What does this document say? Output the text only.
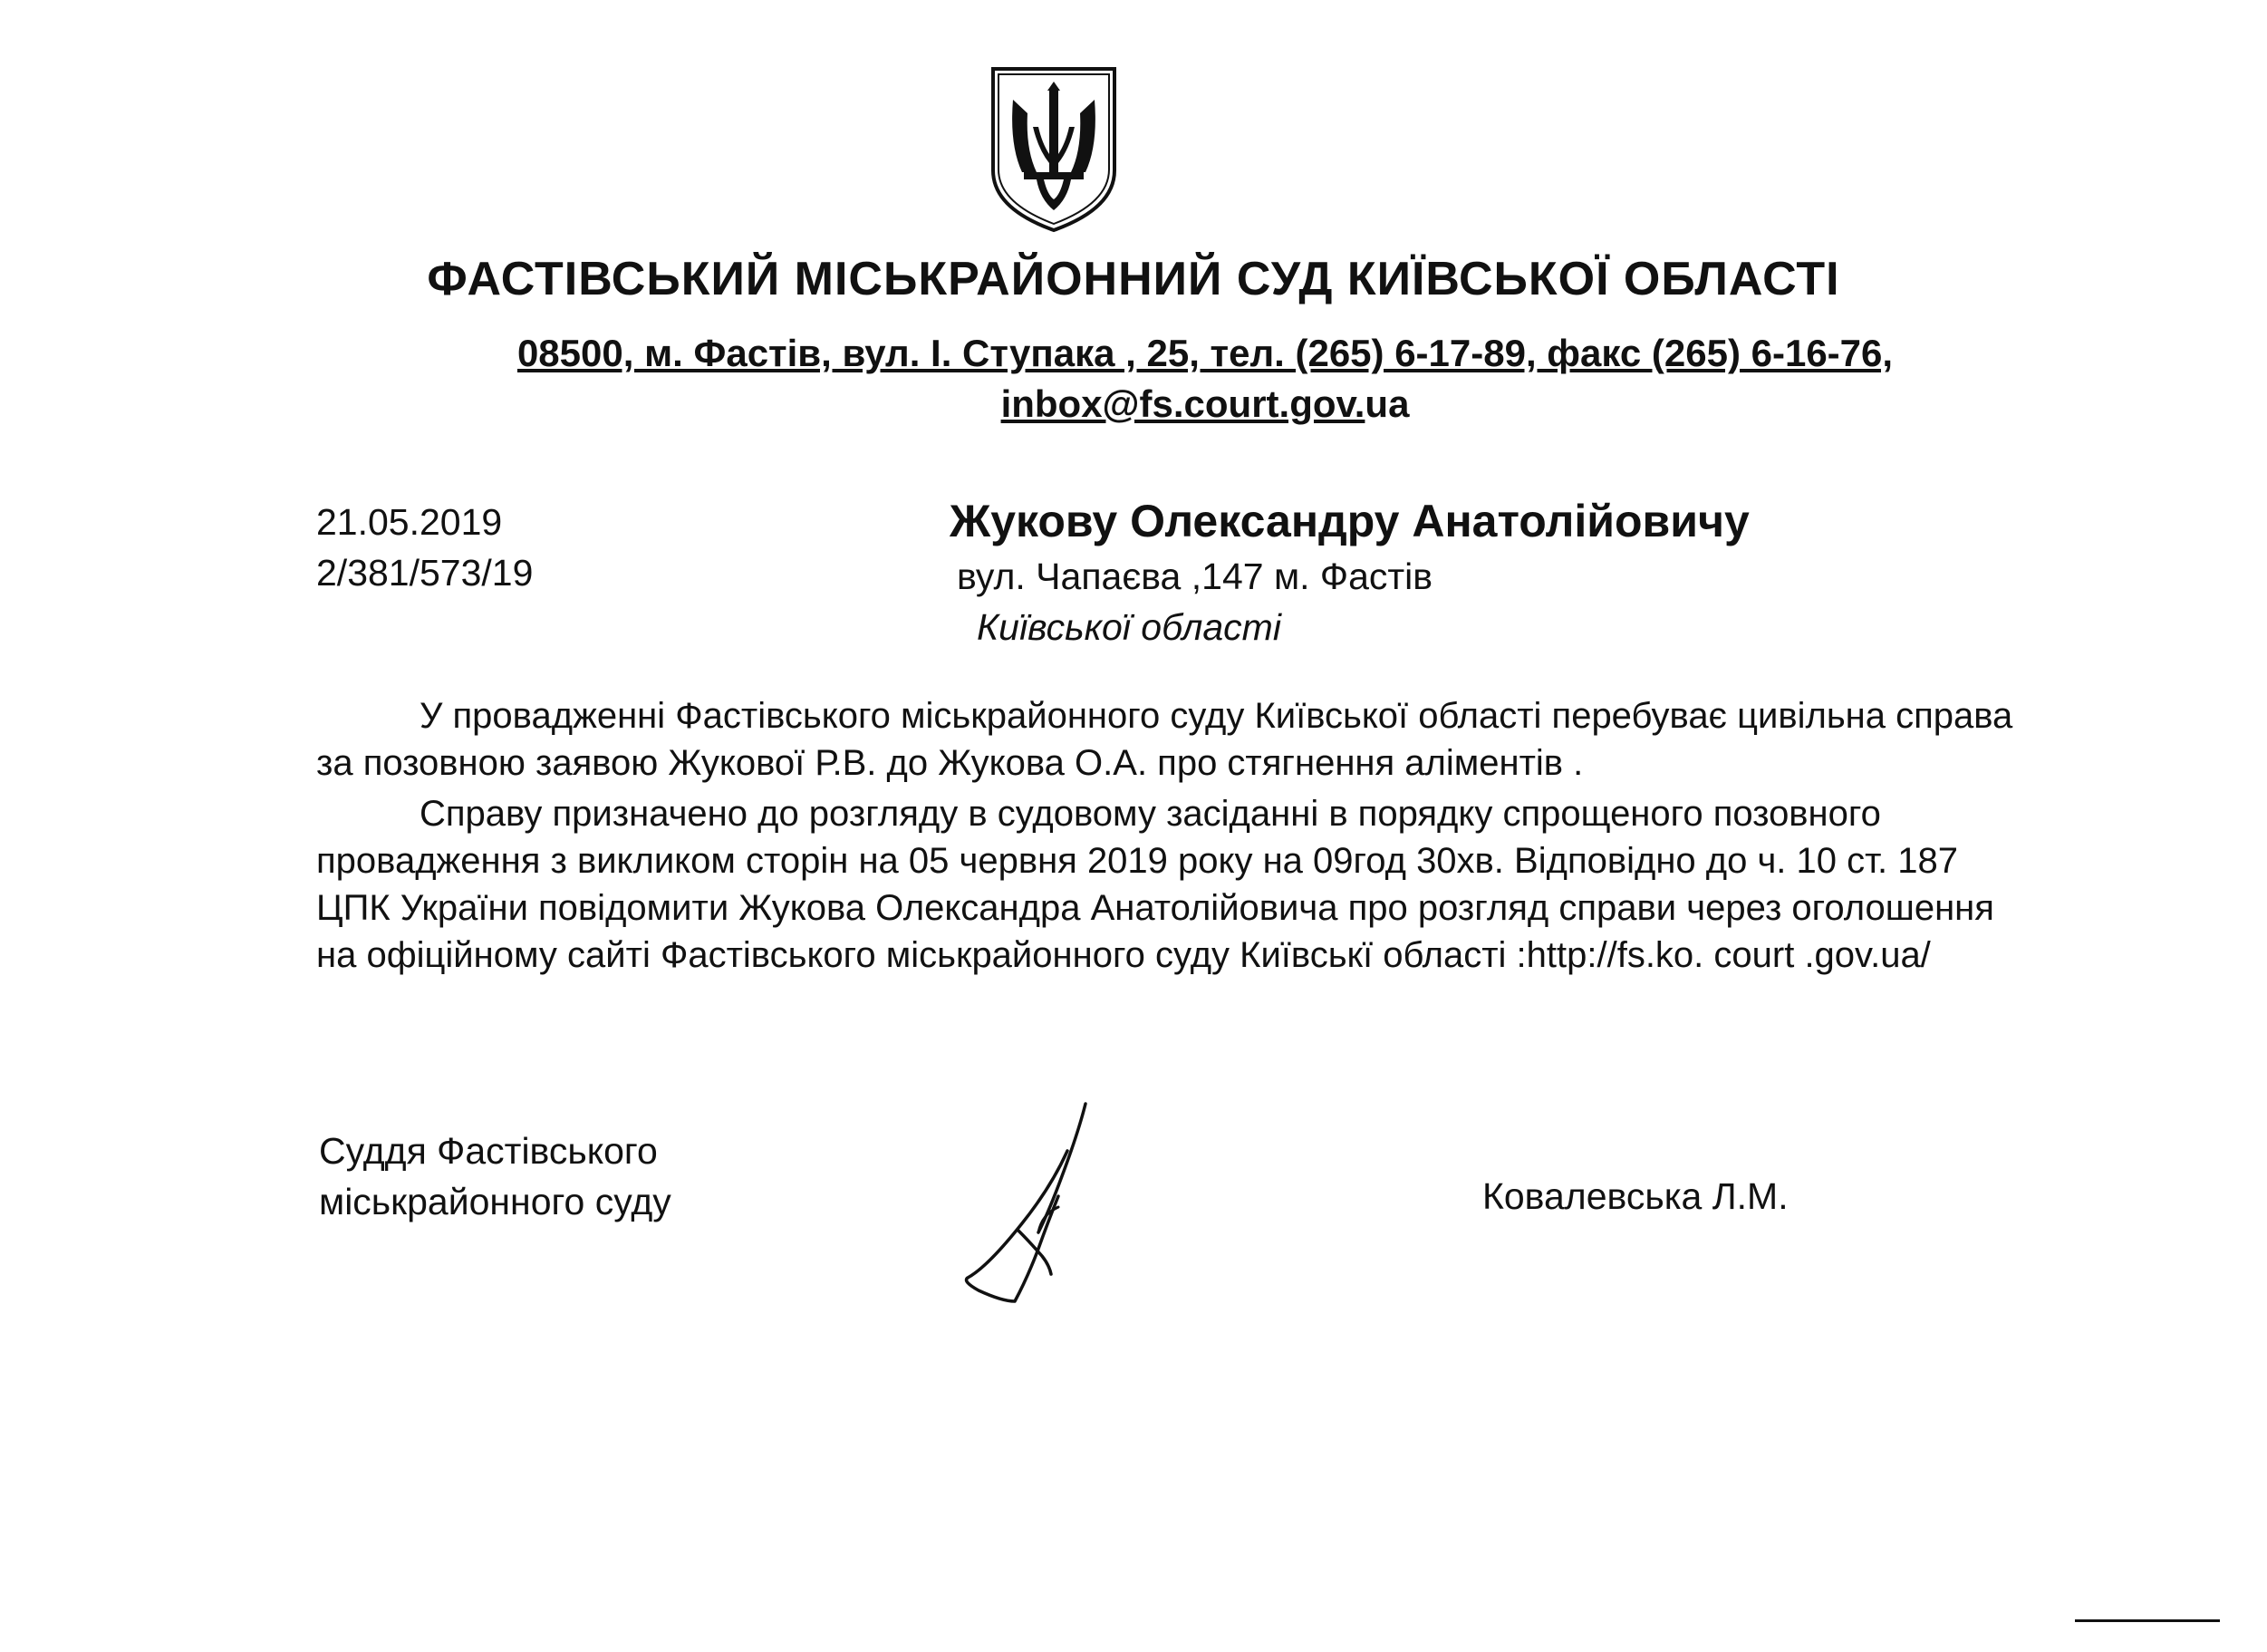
ФАСТІВСЬКИЙ МІСЬКРАЙОННИЙ СУД КИЇВСЬКОЇ ОБЛАСТІ
08500, м. Фастів, вул. І. Ступака , 25, тел. (265) 6-17-89, факс (265) 6-16-76,
inbox@fs.court.gov.ua
21.05.2019
2/381/573/19
Жукову Олександру Анатолійовичу
вул. Чапаєва ,147 м. Фастів
Київської області

У провадженні Фастівського міськрайонного суду Київської області перебуває цивільна справа за позовною заявою Жукової Р.В. до Жукова О.А. про стягнення аліментів .

Справу призначено до розгляду в судовому засіданні в порядку спрощеного позовного провадження з викликом сторін на 05 червня 2019 року на 09год 30хв. Відповідно до ч. 10 ст. 187 ЦПК України повідомити Жукова Олександра Анатолійовича про розгляд справи через оголошення на офіційному сайті Фастівського міськрайонного суду Київськї області :http://fs.ko. court .gov.ua/

Суддя Фастівського
міськрайонного суду	Ковалевська Л.М.
